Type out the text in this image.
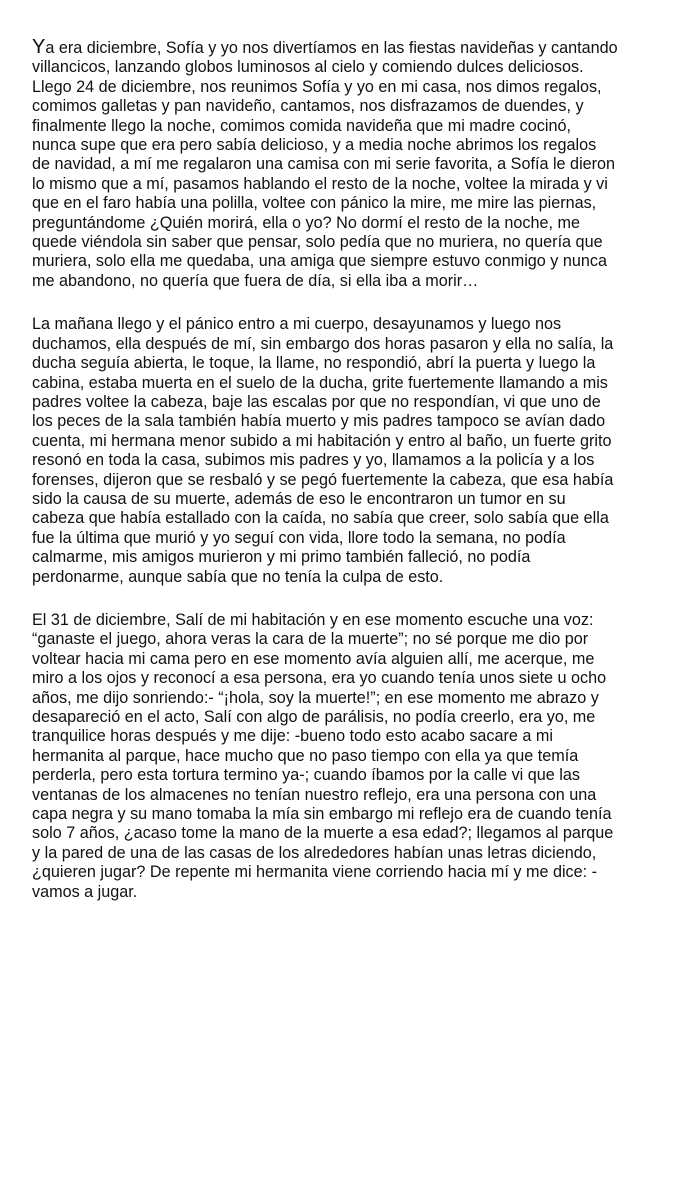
Ya era diciembre, Sofía y yo nos divertíamos en las fiestas navideñas y cantando
villancicos, lanzando globos luminosos al cielo y comiendo dulces deliciosos.
Llego 24 de diciembre, nos reunimos Sofía y yo en mi casa, nos dimos regalos,
comimos galletas y pan navideño, cantamos, nos disfrazamos de duendes, y
finalmente llego la noche, comimos comida navideña que mi madre cocinó,
nunca supe que era pero sabía delicioso, y a media noche abrimos los regalos
de navidad, a mí me regalaron una camisa con mi serie favorita, a Sofía le dieron
lo mismo que a mí, pasamos hablando el resto de la noche, voltee la mirada y vi
que en el faro había una polilla, voltee con pánico la mire, me mire las piernas,
preguntándome ¿Quién morirá, ella o yo? No dormí el resto de la noche, me
quede viéndola sin saber que pensar, solo pedía que no muriera, no quería que
muriera, solo ella me quedaba, una amiga que siempre estuvo conmigo y nunca
me abandono, no quería que fuera de día, si ella iba a morir…

La mañana llego y el pánico entro a mi cuerpo, desayunamos y luego nos
duchamos, ella después de mí, sin embargo dos horas pasaron y ella no salía, la
ducha seguía abierta, le toque, la llame, no respondió, abrí la puerta y luego la
cabina, estaba muerta en el suelo de la ducha, grite fuertemente llamando a mis
padres voltee la cabeza, baje las escalas por que no respondían, vi que uno de
los peces de la sala también había muerto y mis padres tampoco se avían dado
cuenta, mi hermana menor subido a mi habitación y entro al baño, un fuerte grito
resonó en toda la casa, subimos mis padres y yo, llamamos a la policía y a los
forenses, dijeron que se resbaló y se pegó fuertemente la cabeza, que esa había
sido la causa de su muerte, además de eso le encontraron un tumor en su
cabeza que había estallado con la caída, no sabía que creer, solo sabía que ella
fue la última que murió y yo seguí con vida, llore todo la semana, no podía
calmarme, mis amigos murieron y mi primo también falleció, no podía
perdonarme, aunque sabía que no tenía la culpa de esto.

El 31 de diciembre, Salí de mi habitación y en ese momento escuche una voz:
“ganaste el juego, ahora veras la cara de la muerte”; no sé porque me dio por
voltear hacia mi cama pero en ese momento avía alguien allí, me acerque, me
miro a los ojos y reconocí a esa persona, era yo cuando tenía unos siete u ocho
años, me dijo sonriendo:- “¡hola, soy la muerte!”; en ese momento me abrazo y
desapareció en el acto, Salí con algo de parálisis, no podía creerlo, era yo, me
tranquilice horas después y me dije: -bueno todo esto acabo sacare a mi
hermanita al parque, hace mucho que no paso tiempo con ella ya que temía
perderla, pero esta tortura termino ya-; cuando íbamos por la calle vi que las
ventanas de los almacenes no tenían nuestro reflejo, era una persona con una
capa negra y su mano tomaba la mía sin embargo mi reflejo era de cuando tenía
solo 7 años, ¿acaso tome la mano de la muerte a esa edad?; llegamos al parque
y la pared de una de las casas de los alrededores habían unas letras diciendo,
¿quieren jugar? De repente mi hermanita viene corriendo hacia mí y me dice: -
vamos a jugar.
